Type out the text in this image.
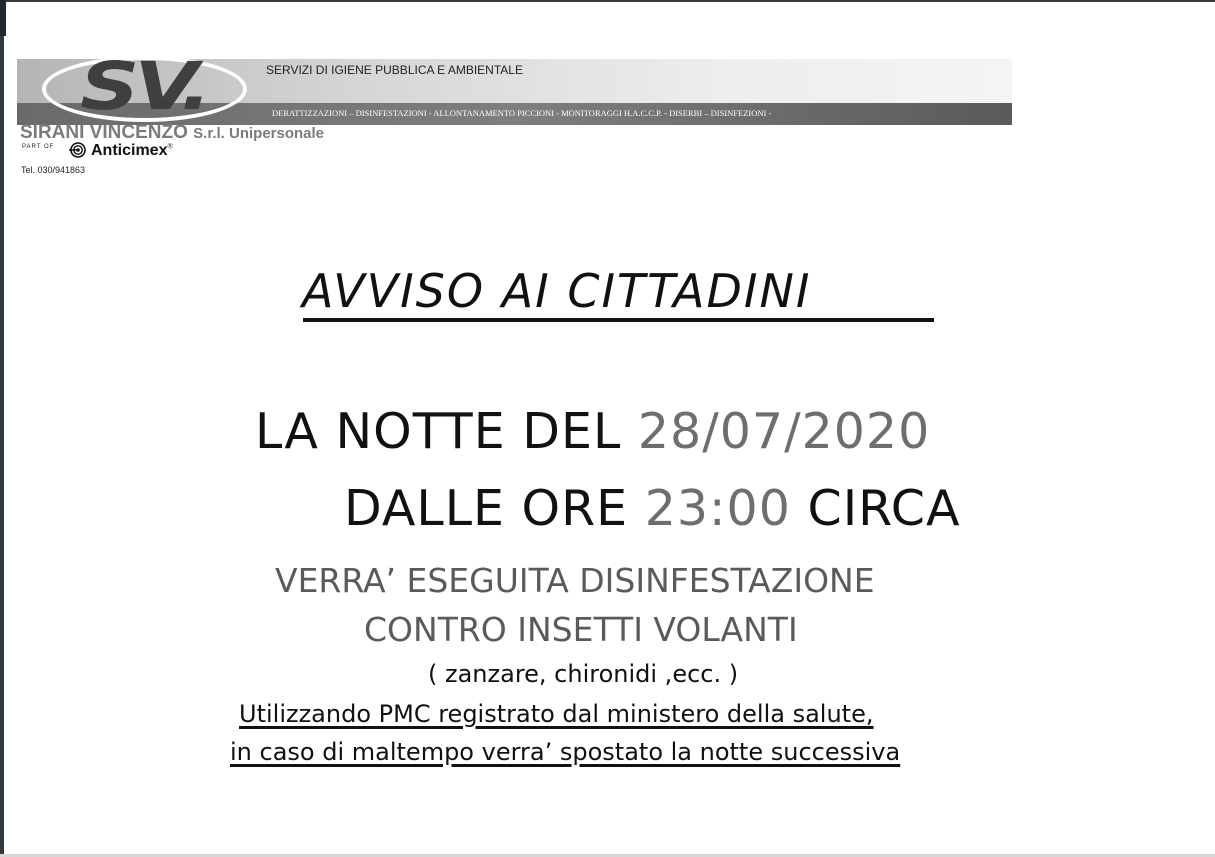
SV.	SERVIZI DI IGIENE PUBBLICA E AMBIENTALE
DERATTIZZAZIONI – DISINFESTAZIONI - ALLONTANAMENTO PICCIONI - MONITORAGGI H.A.C.C.P. - DISERBI – DISINFEZIONI -
SIRANI VINCENZO S.r.l. Unipersonale
PART OF Anticimex®
Tel. 030/941863
AVVISO AI CITTADINI
LA NOTTE DEL 28/07/2020
DALLE ORE 23:00 CIRCA
VERRA’ ESEGUITA DISINFESTAZIONE
CONTRO INSETTI VOLANTI
( zanzare, chironidi ,ecc. )
Utilizzando PMC registrato dal ministero della salute,
in caso di maltempo verra’ spostato la notte successiva
